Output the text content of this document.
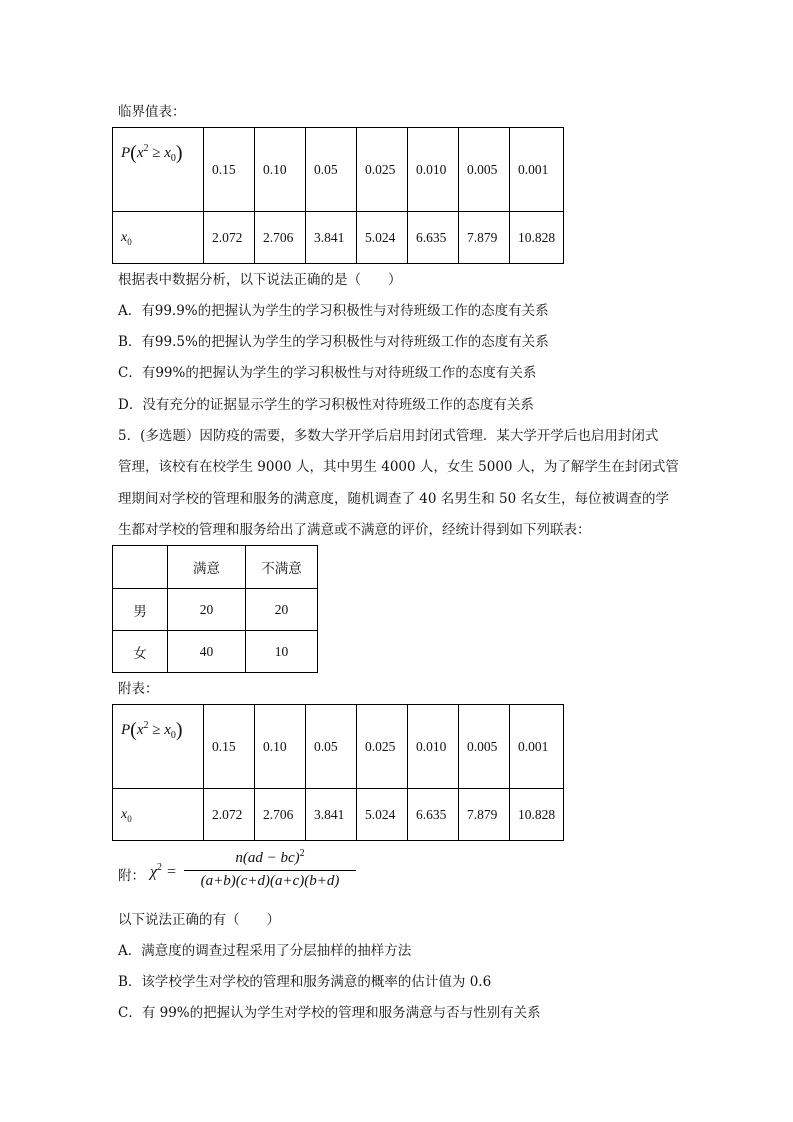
临界值表：
$P(x^2 \ge x_0)$	0.15	0.10	0.05	0.025	0.010	0.005	0.001
$x_0$	2.072	2.706	3.841	5.024	6.635	7.879	10.828
根据表中数据分析，以下说法正确的是（　　）
A．有99.9%的把握认为学生的学习积极性与对待班级工作的态度有关系
B．有99.5%的把握认为学生的学习积极性与对待班级工作的态度有关系
C．有99%的把握认为学生的学习积极性与对待班级工作的态度有关系
D．没有充分的证据显示学生的学习积极性对待班级工作的态度有关系
5．(多选题）因防疫的需要，多数大学开学后启用封闭式管理．某大学开学后也启用封闭式
管理，该校有在校学生 9000 人，其中男生 4000 人，女生 5000 人，为了解学生在封闭式管
理期间对学校的管理和服务的满意度，随机调查了 40 名男生和 50 名女生，每位被调查的学
生都对学校的管理和服务给出了满意或不满意的评价，经统计得到如下列联表：
	满意	不满意
男	20	20
女	40	10
附表：
$P(x^2 \ge x_0)$	0.15	0.10	0.05	0.025	0.010	0.005	0.001
$x_0$	2.072	2.706	3.841	5.024	6.635	7.879	10.828
附： $\chi^2$ =
n(ad − bc)$^2$
(a+b)(c+d)(a+c)(b+d)
以下说法正确的有（　　）
A．满意度的调查过程采用了分层抽样的抽样方法
B．该学校学生对学校的管理和服务满意的概率的估计值为 0.6
C．有 99%的把握认为学生对学校的管理和服务满意与否与性别有关系
